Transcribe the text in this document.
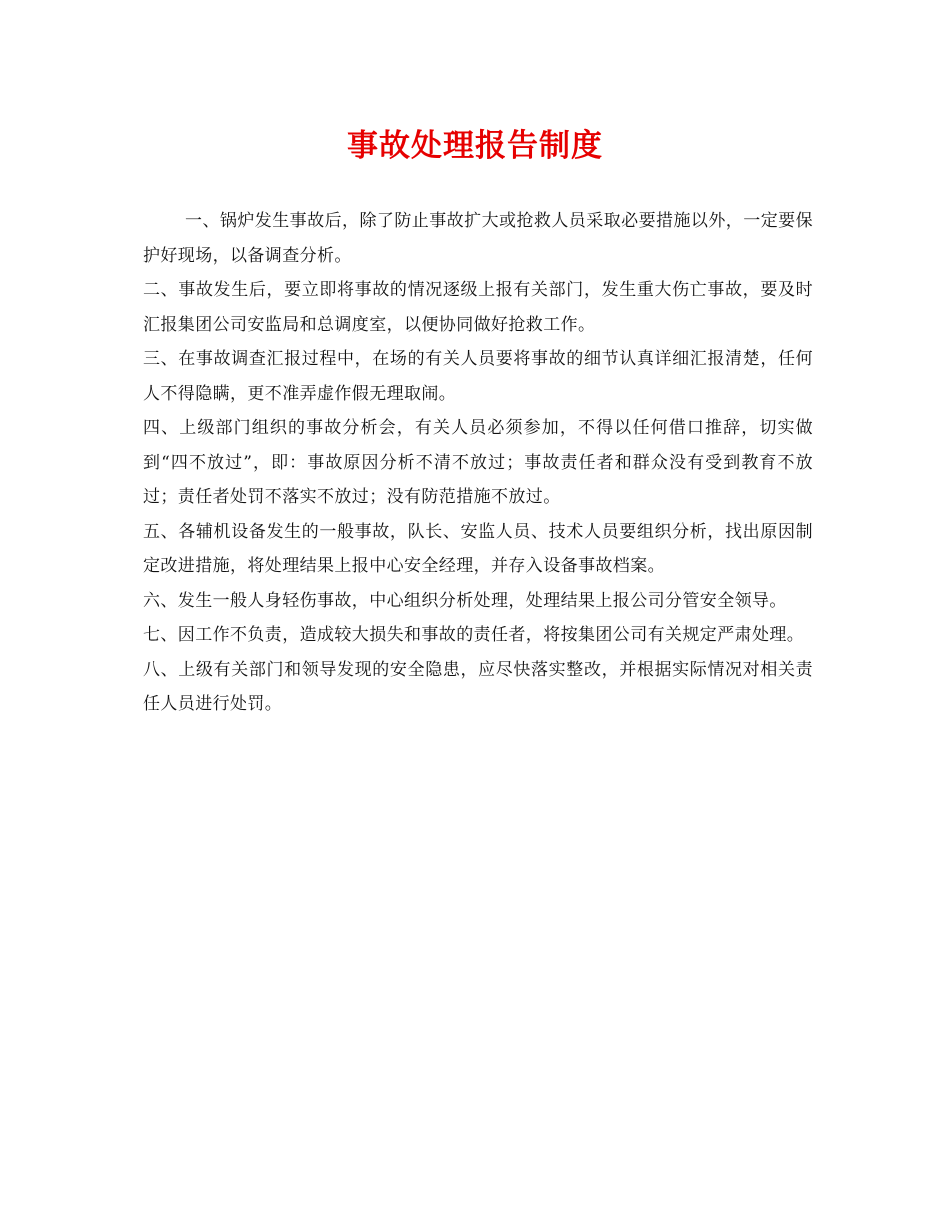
事故处理报告制度

一、锅炉发生事故后，除了防止事故扩大或抢救人员采取必要措施以外，一定要保护好现场，以备调查分析。

二、事故发生后，要立即将事故的情况逐级上报有关部门，发生重大伤亡事故，要及时汇报集团公司安监局和总调度室，以便协同做好抢救工作。

三、在事故调查汇报过程中，在场的有关人员要将事故的细节认真详细汇报清楚，任何人不得隐瞒，更不准弄虚作假无理取闹。

四、上级部门组织的事故分析会，有关人员必须参加，不得以任何借口推辞，切实做到“四不放过”，即：事故原因分析不清不放过；事故责任者和群众没有受到教育不放过；责任者处罚不落实不放过；没有防范措施不放过。

五、各辅机设备发生的一般事故，队长、安监人员、技术人员要组织分析，找出原因制定改进措施，将处理结果上报中心安全经理，并存入设备事故档案。

六、发生一般人身轻伤事故，中心组织分析处理，处理结果上报公司分管安全领导。

七、因工作不负责，造成较大损失和事故的责任者，将按集团公司有关规定严肃处理。

八、上级有关部门和领导发现的安全隐患，应尽快落实整改，并根据实际情况对相关责任人员进行处罚。
